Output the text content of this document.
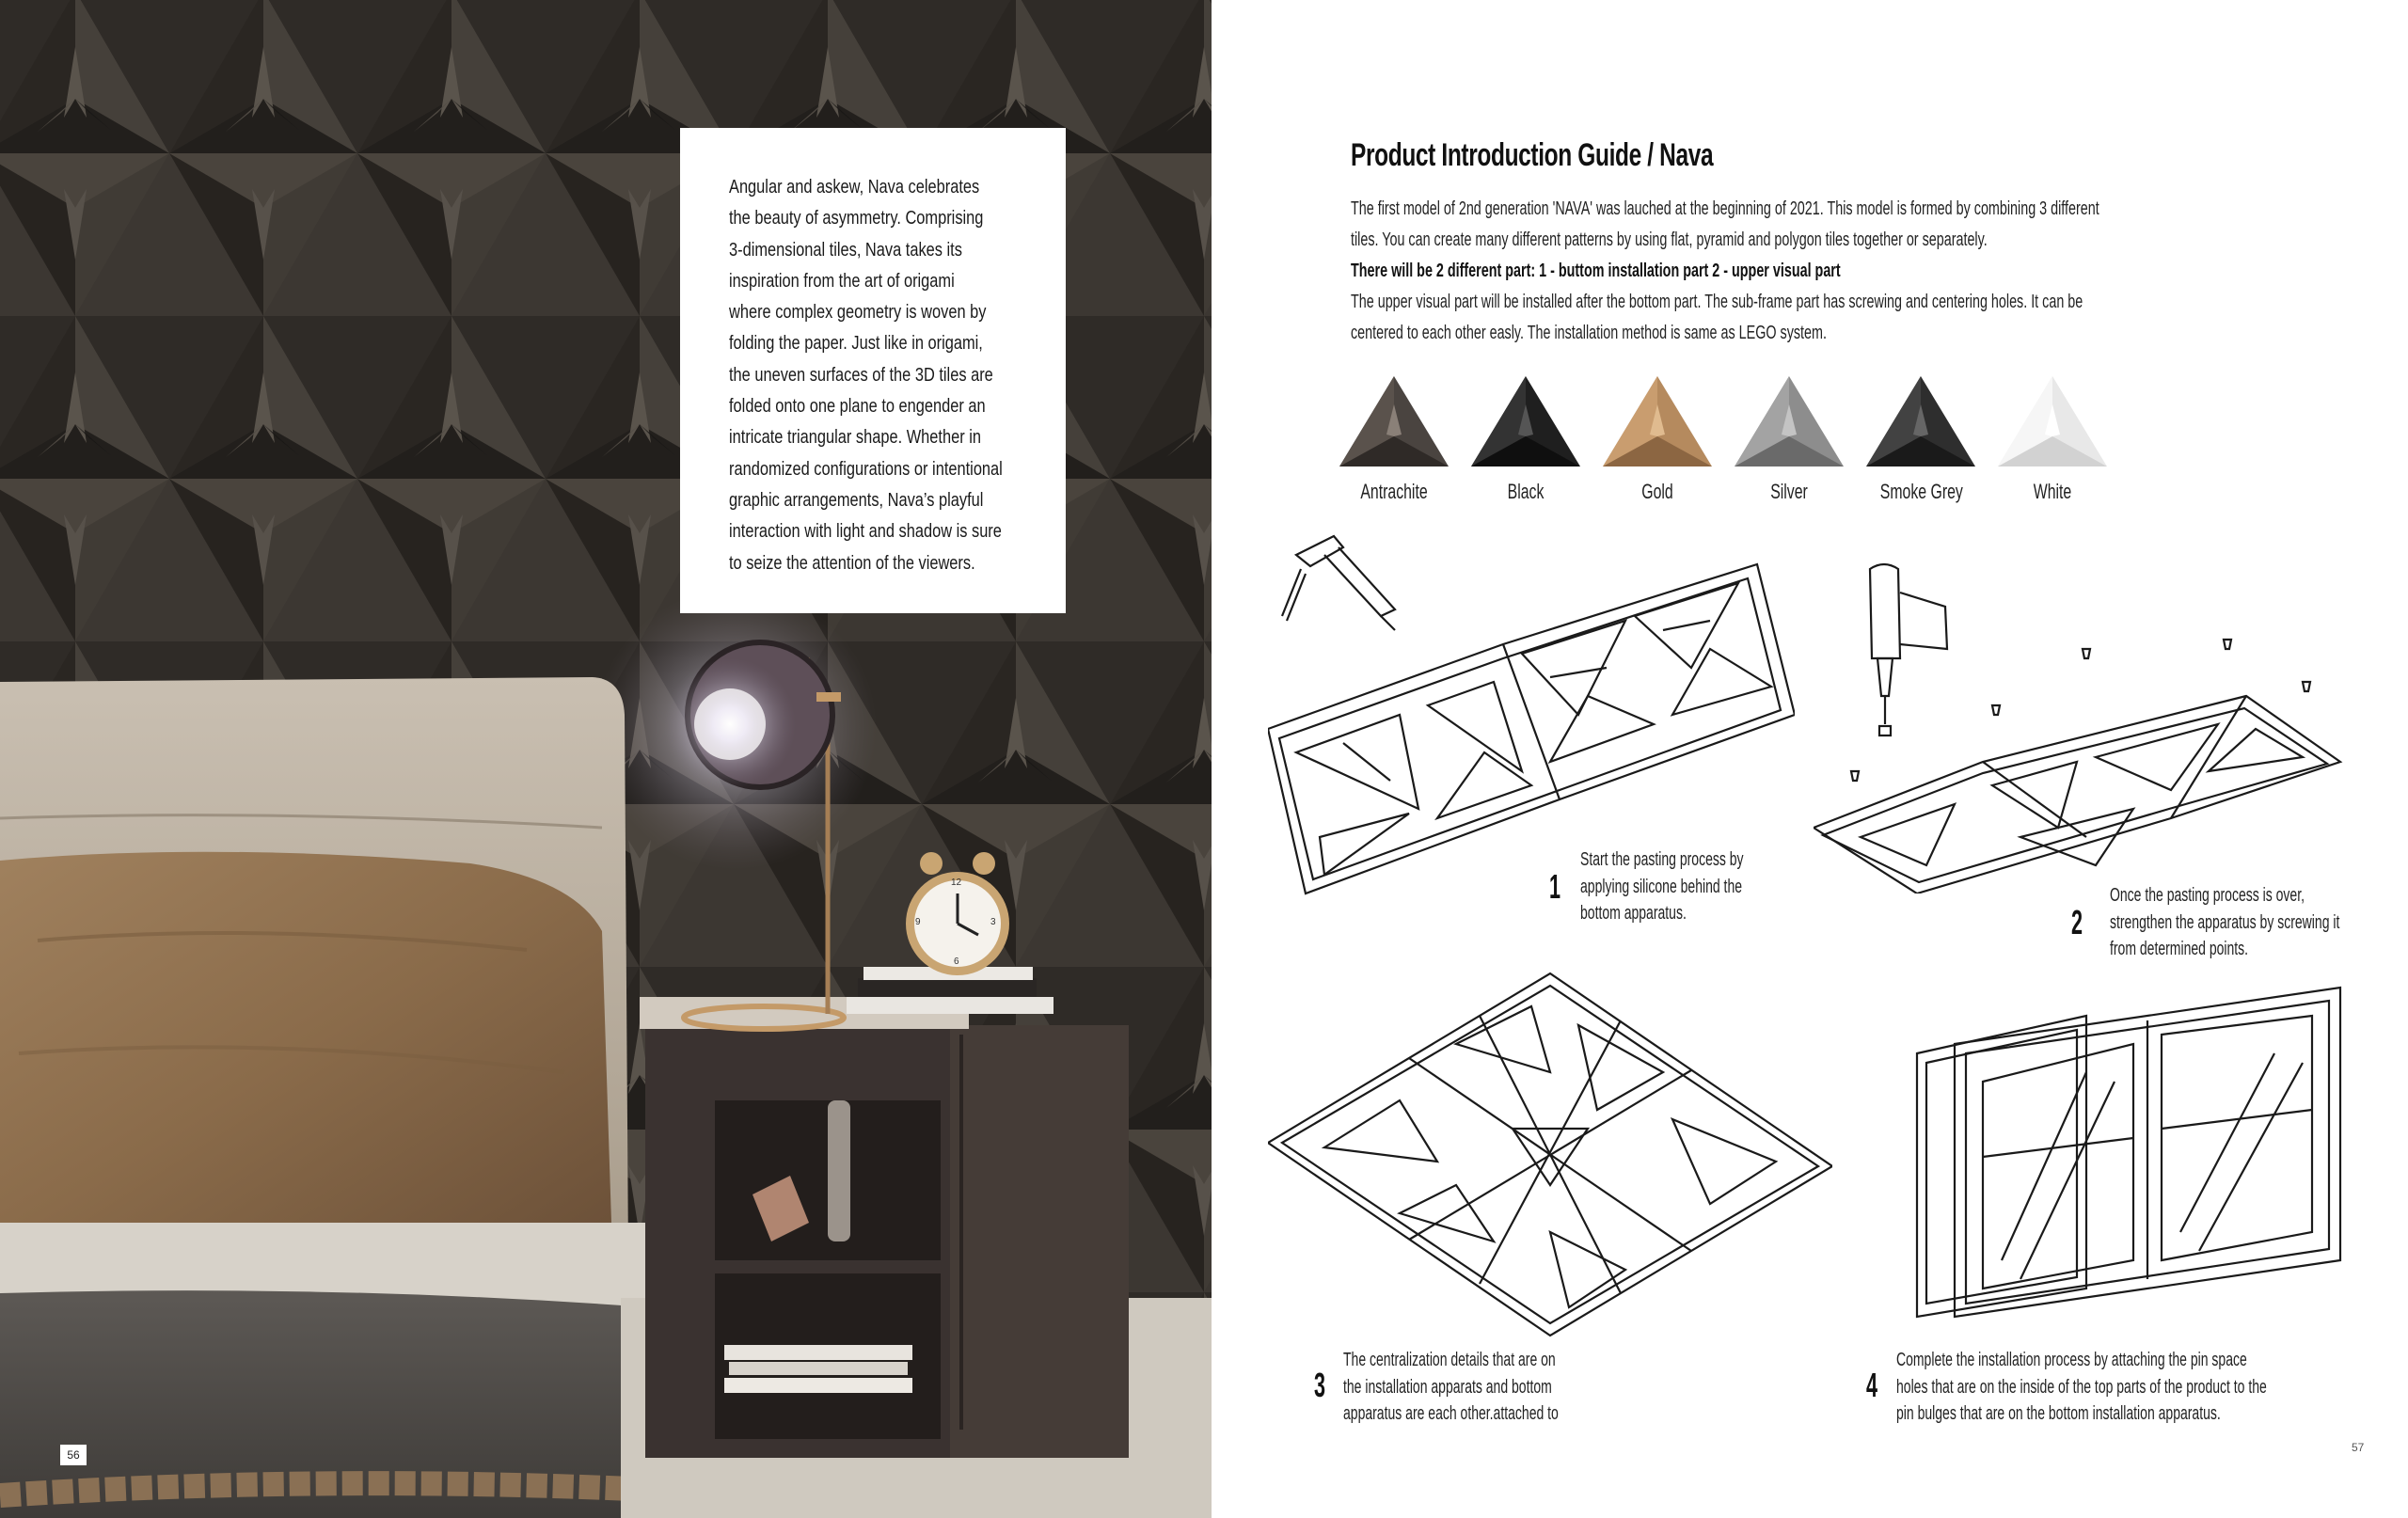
12
3
6
9

Angular and askew, Nava celebrates
the beauty of asymmetry. Comprising
3-dimensional tiles, Nava takes its
inspiration from the art of origami
where complex geometry is woven by
folding the paper. Just like in origami,
the uneven surfaces of the 3D tiles are
folded onto one plane to engender an
intricate triangular shape. Whether in
randomized configurations or intentional
graphic arrangements, Nava’s playful
interaction with light and shadow is sure
to seize the attention of the viewers.

56
Product Introduction Guide / Nava
The first model of 2nd generation 'NAVA' was lauched at the beginning of 2021. This model is formed by combining 3 different
tiles. You can create many different patterns by using flat, pyramid and polygon tiles together or separately.
There will be 2 different part: 1 - buttom installation part 2 - upper visual part
The upper visual part will be installed after the bottom part. The sub-frame part has screwing and centering holes. It can be
centered to each other easly. The installation method is same as LEGO system.
Antrachite	Black	Gold	Silver	Smoke Grey	White
1
Start the pasting process by
applying silicone behind the
bottom apparatus.	2
Once the pasting process is over,
strengthen the apparatus by screwing it
from determined points.
3
The centralization details that are on
the installation apparats and bottom
apparatus are each other.attached to
4
Complete the installation process by attaching the pin space
holes that are on the inside of the top parts of the product to the
pin bulges that are on the bottom installation apparatus.
57
